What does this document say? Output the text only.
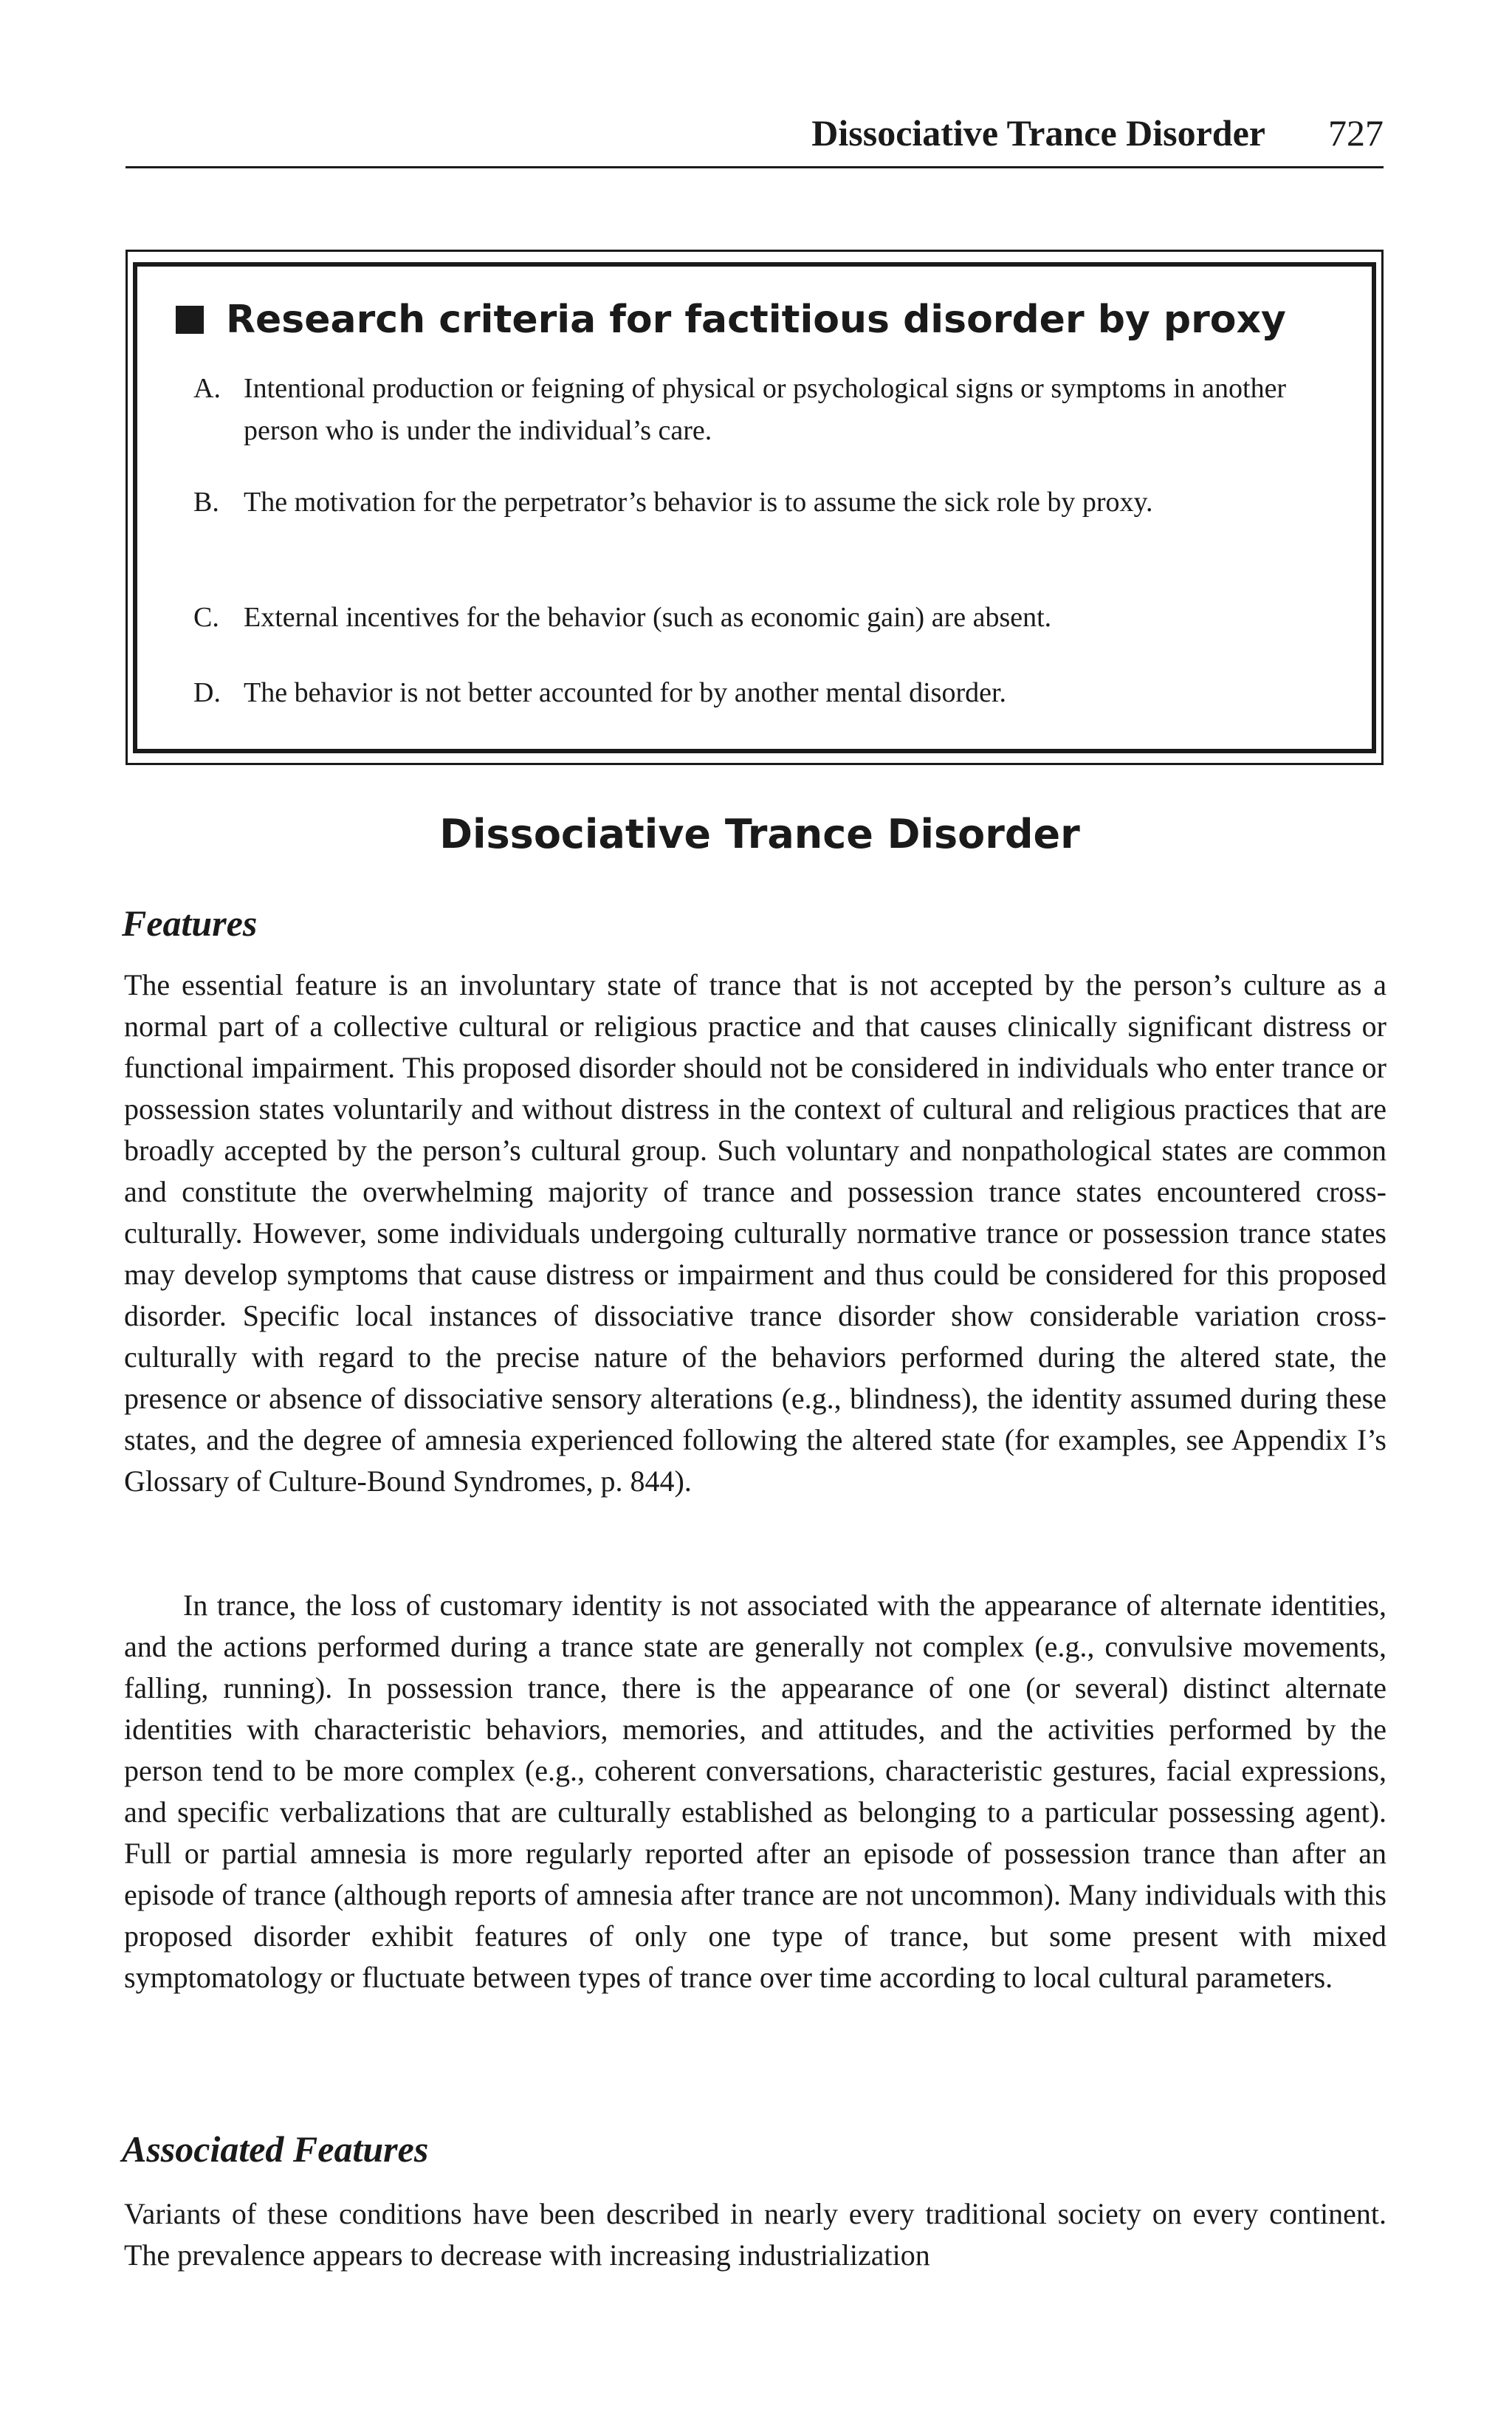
Dissociative Trance Disorder 727
Research criteria for factitious disorder by proxy
A. Intentional production or feigning of physical or psychological signs or symptoms in another person who is under the individual’s care.
B. The motivation for the perpetrator’s behavior is to assume the sick role by proxy.
C. External incentives for the behavior (such as economic gain) are absent.
D. The behavior is not better accounted for by another mental disorder.
Dissociative Trance Disorder
Features
The essential feature is an involuntary state of trance that is not accepted by the person’s culture as a normal part of a collective cultural or religious practice and that causes clinically significant distress or functional impairment. This proposed disorder should not be considered in individuals who enter trance or possession states voluntarily and without distress in the context of cultural and religious practices that are broadly accepted by the person’s cultural group. Such voluntary and nonpathological states are common and constitute the overwhelming majority of trance and possession trance states encountered cross-culturally. However, some individuals undergoing culturally normative trance or possession trance states may develop symptoms that cause distress or impairment and thus could be considered for this proposed disorder. Specific local instances of dissociative trance disorder show considerable variation cross-culturally with regard to the precise nature of the behaviors performed during the altered state, the presence or absence of dissociative sensory alterations (e.g., blindness), the identity assumed during these states, and the degree of amnesia experienced following the altered state (for examples, see Appendix I’s Glossary of Culture-Bound Syndromes, p. 844).
In trance, the loss of customary identity is not associated with the appearance of alternate identities, and the actions performed during a trance state are generally not complex (e.g., convulsive movements, falling, running). In possession trance, there is the appearance of one (or several) distinct alternate identities with characteristic behaviors, memories, and attitudes, and the activities performed by the person tend to be more complex (e.g., coherent conversations, characteristic gestures, facial expressions, and specific verbalizations that are culturally established as belonging to a particular possessing agent). Full or partial amnesia is more regularly reported after an episode of possession trance than after an episode of trance (although reports of amnesia after trance are not uncommon). Many individuals with this proposed disorder exhibit features of only one type of trance, but some present with mixed symptomatology or fluctuate between types of trance over time according to local cultural parameters.
Associated Features
Variants of these conditions have been described in nearly every traditional society on every continent. The prevalence appears to decrease with increasing industrialization
